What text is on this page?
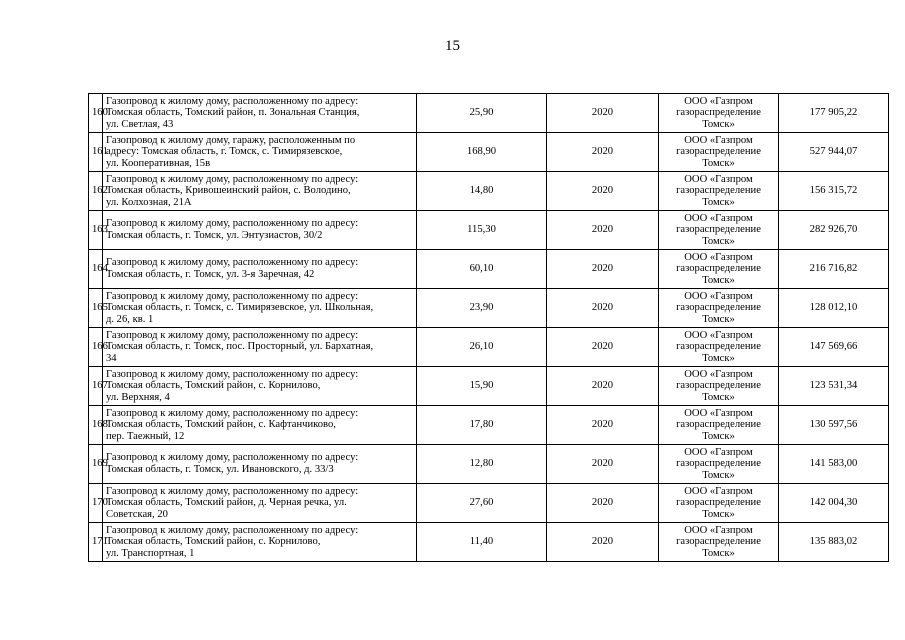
15
160	Газопровод к жилому дому, расположенному по адресу:
Томская область, Томский район, п. Зональная Станция,
ул. Светлая, 43	25,90	2020	ООО «Газпром
газораспределение
Томск»	177 905,22
161	Газопровод к жилому дому, гаражу, расположенным по
адресу: Томская область, г. Томск, с. Тимирязевское,
ул. Кооперативная, 15в	168,90	2020	ООО «Газпром
газораспределение
Томск»	527 944,07
162	Газопровод к жилому дому, расположенному по адресу:
Томская область, Кривошеинский район, с. Володино,
ул. Колхозная, 21А	14,80	2020	ООО «Газпром
газораспределение
Томск»	156 315,72
163	Газопровод к жилому дому, расположенному по адресу:
Томская область, г. Томск, ул. Энтузиастов, 30/2	115,30	2020	ООО «Газпром
газораспределение
Томск»	282 926,70
164	Газопровод к жилому дому, расположенному по адресу:
Томская область, г. Томск, ул. 3-я Заречная, 42	60,10	2020	ООО «Газпром
газораспределение
Томск»	216 716,82
165	Газопровод к жилому дому, расположенному по адресу:
Томская область, г. Томск, с. Тимирязевское, ул. Школьная,
д. 26, кв. 1	23,90	2020	ООО «Газпром
газораспределение
Томск»	128 012,10
166	Газопровод к жилому дому, расположенному по адресу:
Томская область, г. Томск, пос. Просторный, ул. Бархатная,
34	26,10	2020	ООО «Газпром
газораспределение
Томск»	147 569,66
167	Газопровод к жилому дому, расположенному по адресу:
Томская область, Томский район, с. Корнилово,
ул. Верхняя, 4	15,90	2020	ООО «Газпром
газораспределение
Томск»	123 531,34
168	Газопровод к жилому дому, расположенному по адресу:
Томская область, Томский район, с. Кафтанчиково,
пер. Таежный, 12	17,80	2020	ООО «Газпром
газораспределение
Томск»	130 597,56
169	Газопровод к жилому дому, расположенному по адресу:
Томская область, г. Томск, ул. Ивановского, д. 33/3	12,80	2020	ООО «Газпром
газораспределение
Томск»	141 583,00
170	Газопровод к жилому дому, расположенному по адресу:
Томская область, Томский район, д. Черная речка, ул.
Советская, 20	27,60	2020	ООО «Газпром
газораспределение
Томск»	142 004,30
171	Газопровод к жилому дому, расположенному по адресу:
Томская область, Томский район, с. Корнилово,
ул. Транспортная, 1	11,40	2020	ООО «Газпром
газораспределение
Томск»	135 883,02
